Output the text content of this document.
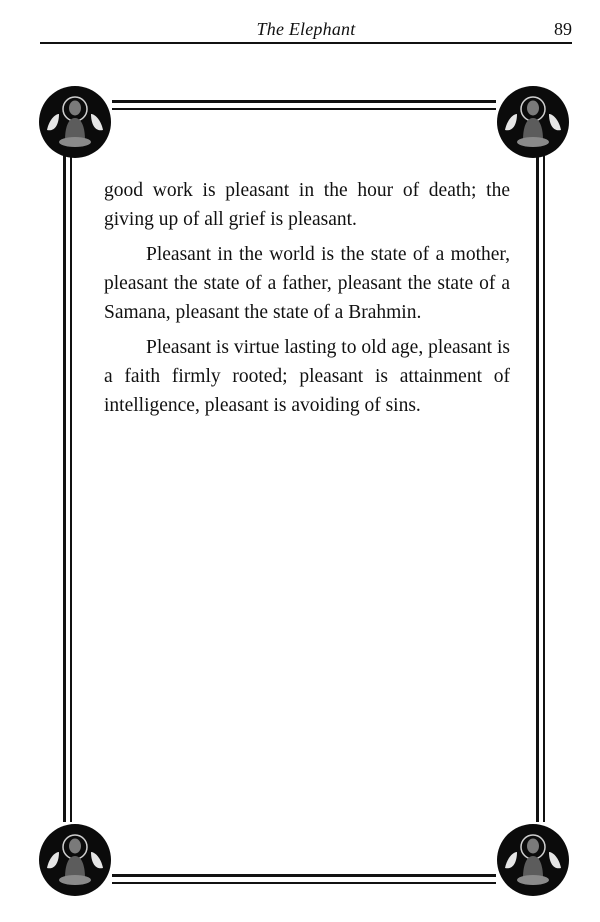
The Elephant	89

good work is pleasant in the hour of death; the giving up of all grief is pleasant.

Pleasant in the world is the state of a mother, pleasant the state of a father, pleasant the state of a Samana, pleasant the state of a Brahmin.

Pleasant is virtue lasting to old age, pleasant is a faith firmly rooted; pleasant is attainment of intelligence, pleasant is avoiding of sins.
